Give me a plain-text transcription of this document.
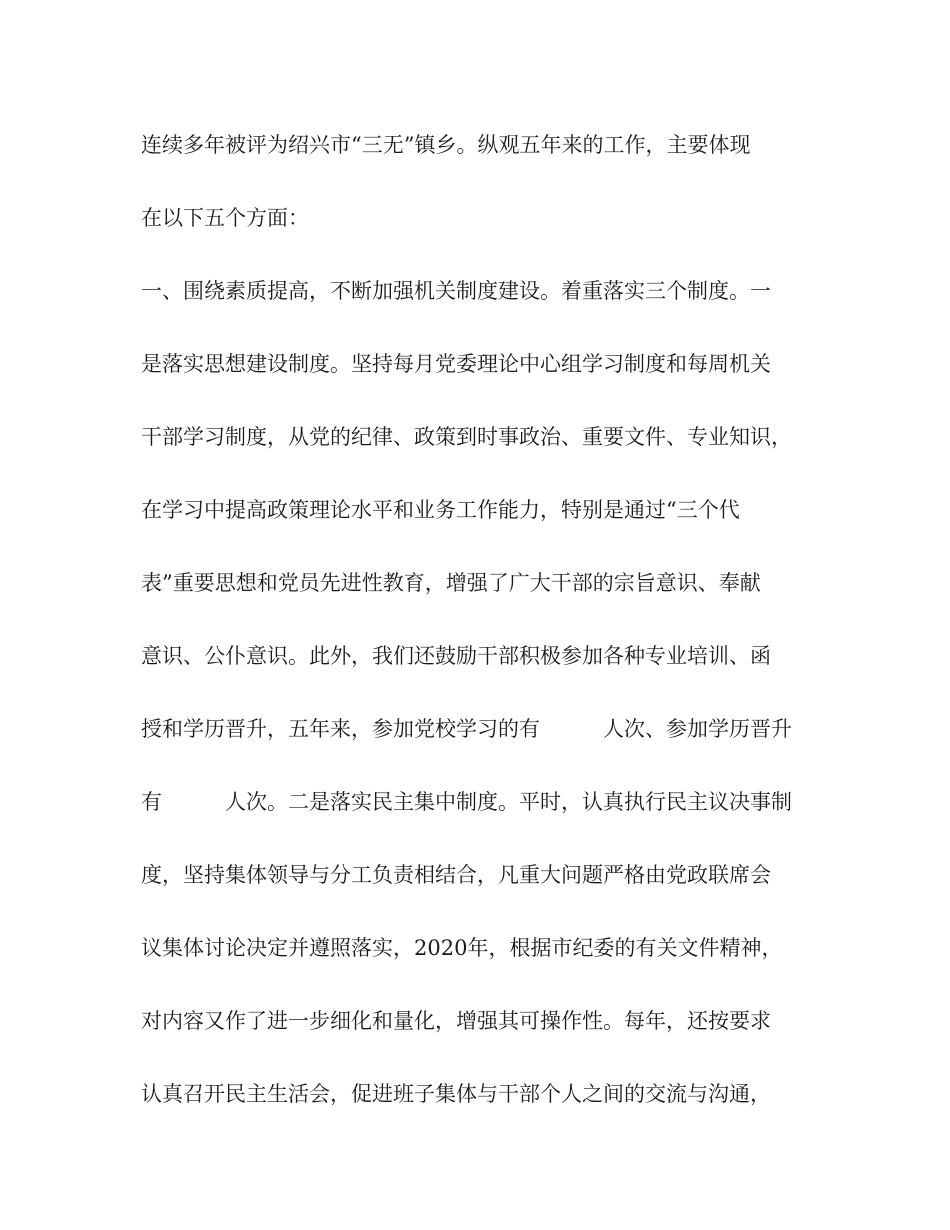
连续多年被评为绍兴市“三无”镇乡。纵观五年来的工作，主要体现
在以下五个方面：
一、围绕素质提高，不断加强机关制度建设。着重落实三个制度。一
是落实思想建设制度。坚持每月党委理论中心组学习制度和每周机关
干部学习制度，从党的纪律、政策到时事政治、重要文件、专业知识，
在学习中提高政策理论水平和业务工作能力，特别是通过“三个代
表”重要思想和党员先进性教育，增强了广大干部的宗旨意识、奉献
意识、公仆意识。此外，我们还鼓励干部积极参加各种专业培训、函
授和学历晋升，五年来，参加党校学习的有　　　人次、参加学历晋升
有　　　人次。二是落实民主集中制度。平时，认真执行民主议决事制
度，坚持集体领导与分工负责相结合，凡重大问题严格由党政联席会
议集体讨论决定并遵照落实，2020年，根据市纪委的有关文件精神，
对内容又作了进一步细化和量化，增强其可操作性。每年，还按要求
认真召开民主生活会，促进班子集体与干部个人之间的交流与沟通，
